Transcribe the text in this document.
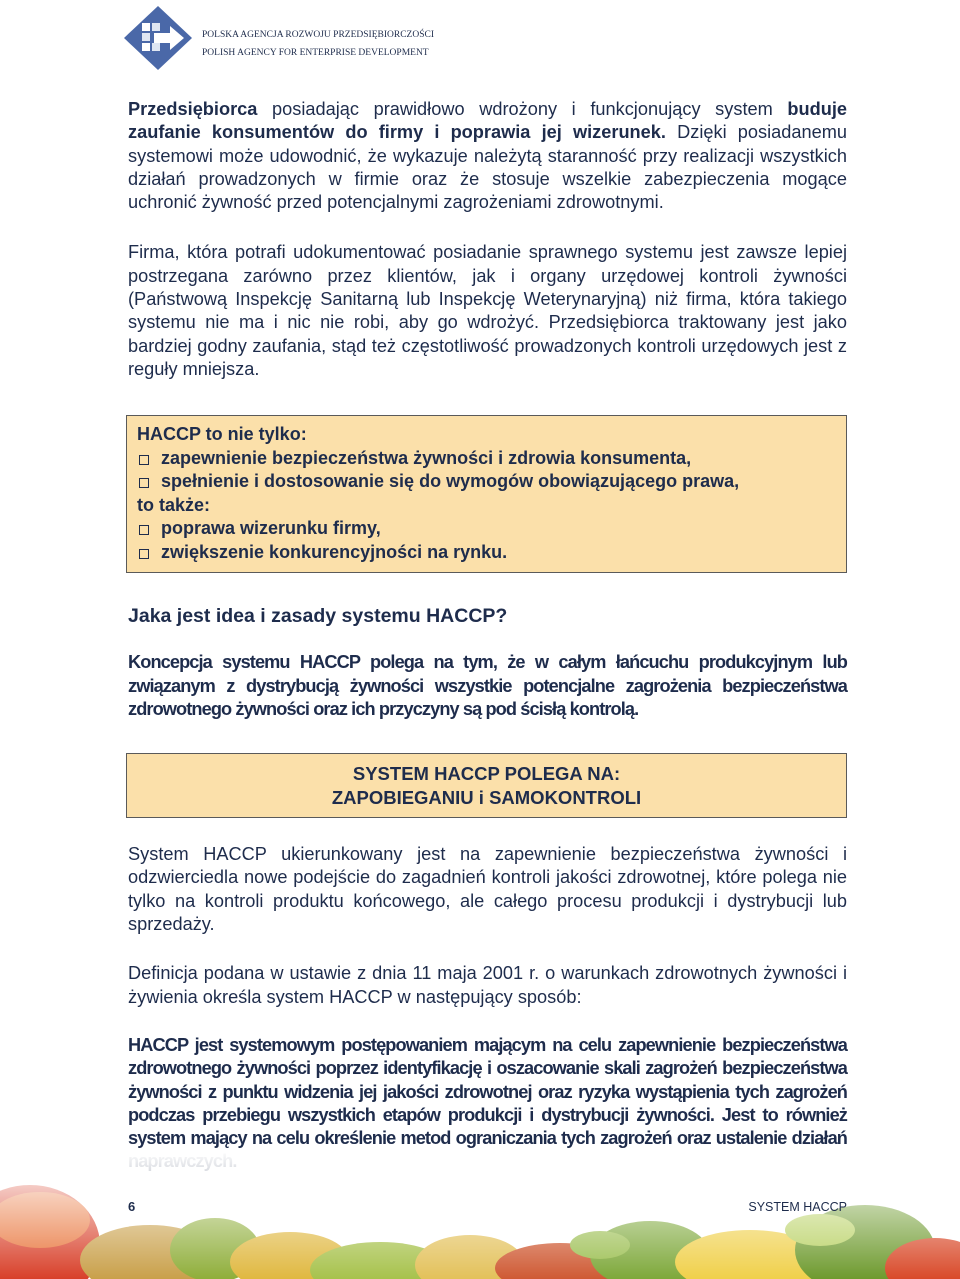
POLSKA AGENCJA ROZWOJU PRZEDSIĘBIORCZOŚCI
POLISH AGENCY FOR ENTERPRISE DEVELOPMENT

Przedsiębiorca posiadając prawidłowo wdrożony i funkcjonujący system buduje zaufanie konsumentów do firmy i poprawia jej wizerunek. Dzięki posiadanemu systemowi może udowodnić, że wykazuje należytą staranność przy realizacji wszystkich działań prowadzonych w firmie oraz że stosuje wszelkie zabezpieczenia mogące uchronić żywność przed potencjalnymi zagrożeniami zdrowotnymi.

Firma, która potrafi udokumentować posiadanie sprawnego systemu jest zawsze lepiej postrzegana zarówno przez klientów, jak i organy urzędowej kontroli żywności (Państwową Inspekcję Sanitarną lub Inspekcję Weterynaryjną) niż firma, która takiego systemu nie ma i nic nie robi, aby go wdrożyć. Przedsiębiorca traktowany jest jako bardziej godny zaufania, stąd też częstotliwość prowadzonych kontroli urzędowych jest z reguły mniejsza.

HACCP to nie tylko:
zapewnienie bezpieczeństwa żywności i zdrowia konsumenta,
spełnienie i dostosowanie się do wymogów obowiązującego prawa,
to także:
poprawa wizerunku firmy,
zwiększenie konkurencyjności na rynku.
Jaka jest idea i zasady systemu HACCP?

Koncepcja systemu HACCP polega na tym, że w całym łańcuchu produkcyjnym lub związanym z dystrybucją żywności wszystkie potencjalne zagrożenia bezpieczeństwa zdrowotnego żywności oraz ich przyczyny są pod ścisłą kontrolą.

SYSTEM HACCP POLEGA NA:
ZAPOBIEGANIU i SAMOKONTROLI

System HACCP ukierunkowany jest na zapewnienie bezpieczeństwa żywności i odzwierciedla nowe podejście do zagadnień kontroli jakości zdrowotnej, które polega nie tylko na kontroli produktu końcowego, ale całego procesu produkcji i dystrybucji lub sprzedaży.

Definicja podana w ustawie z dnia 11 maja 2001 r. o warunkach zdrowotnych żywności i żywienia określa system HACCP w następujący sposób:

HACCP jest systemowym postępowaniem mającym na celu zapewnienie bezpieczeństwa zdrowotnego żywności poprzez identyfikację i oszacowanie skali zagrożeń bezpieczeństwa żywności z punktu widzenia jej jakości zdrowotnej oraz ryzyka wystąpienia tych zagrożeń podczas przebiegu wszystkich etapów produkcji i dystrybucji żywności. Jest to również system mający na celu określenie metod ograniczania tych zagrożeń oraz ustalenie działań

6	SYSTEM HACCP
